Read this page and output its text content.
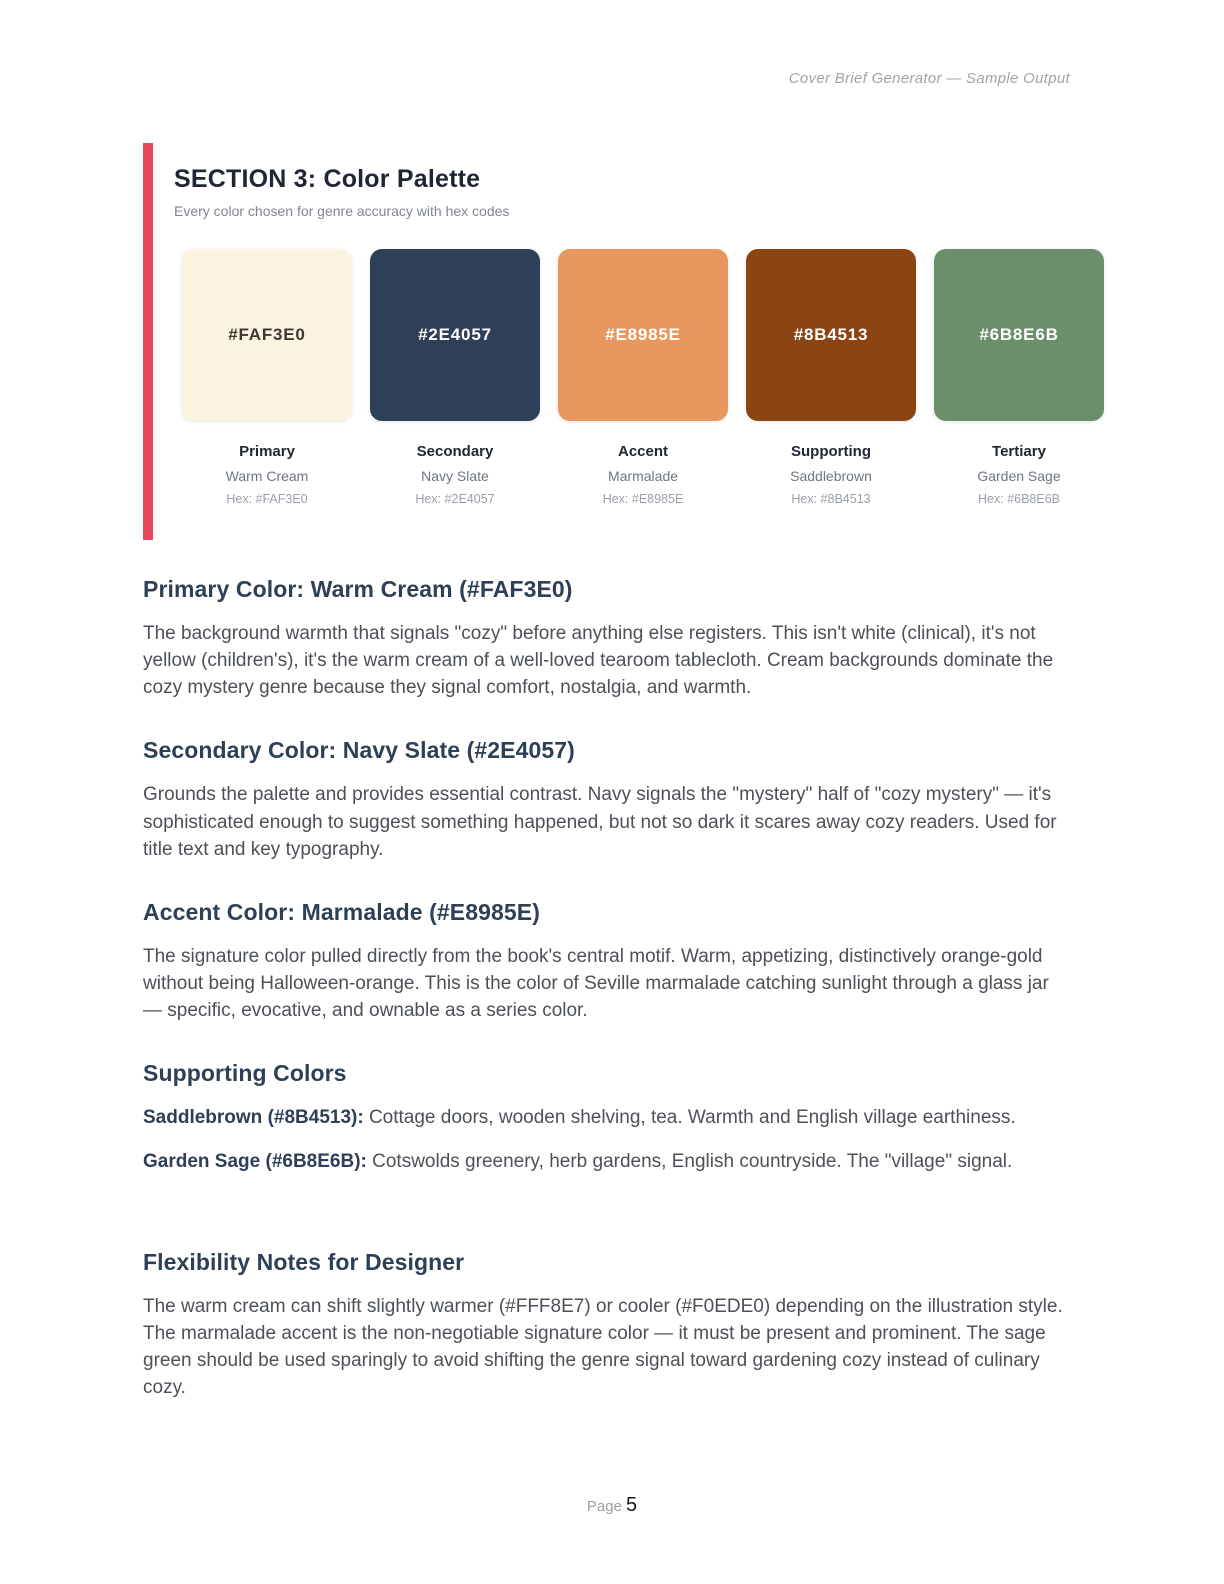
Cover Brief Generator — Sample Output
SECTION 3: Color Palette
Every color chosen for genre accuracy with hex codes
#FAF3E0
Primary
Warm Cream
Hex: #FAF3E0
#2E4057
Secondary
Navy Slate
Hex: #2E4057
#E8985E
Accent
Marmalade
Hex: #E8985E
#8B4513
Supporting
Saddlebrown
Hex: #8B4513
#6B8E6B
Tertiary
Garden Sage
Hex: #6B8E6B
Primary Color: Warm Cream (#FAF3E0)

The background warmth that signals "cozy" before anything else registers. This isn't white (clinical), it's not yellow (children's), it's the warm cream of a well-loved tearoom tablecloth. Cream backgrounds dominate the cozy mystery genre because they signal comfort, nostalgia, and warmth.

Secondary Color: Navy Slate (#2E4057)

Grounds the palette and provides essential contrast. Navy signals the "mystery" half of "cozy mystery" — it's sophisticated enough to suggest something happened, but not so dark it scares away cozy readers. Used for title text and key typography.

Accent Color: Marmalade (#E8985E)

The signature color pulled directly from the book's central motif. Warm, appetizing, distinctively orange-gold without being Halloween-orange. This is the color of Seville marmalade catching sunlight through a glass jar — specific, evocative, and ownable as a series color.

Supporting Colors

Saddlebrown (#8B4513): Cottage doors, wooden shelving, tea. Warmth and English village earthiness.

Garden Sage (#6B8E6B): Cotswolds greenery, herb gardens, English countryside. The "village" signal.

Flexibility Notes for Designer

The warm cream can shift slightly warmer (#FFF8E7) or cooler (#F0EDE0) depending on the illustration style. The marmalade accent is the non-negotiable signature color — it must be present and prominent. The sage green should be used sparingly to avoid shifting the genre signal toward gardening cozy instead of culinary cozy.

Page 5
